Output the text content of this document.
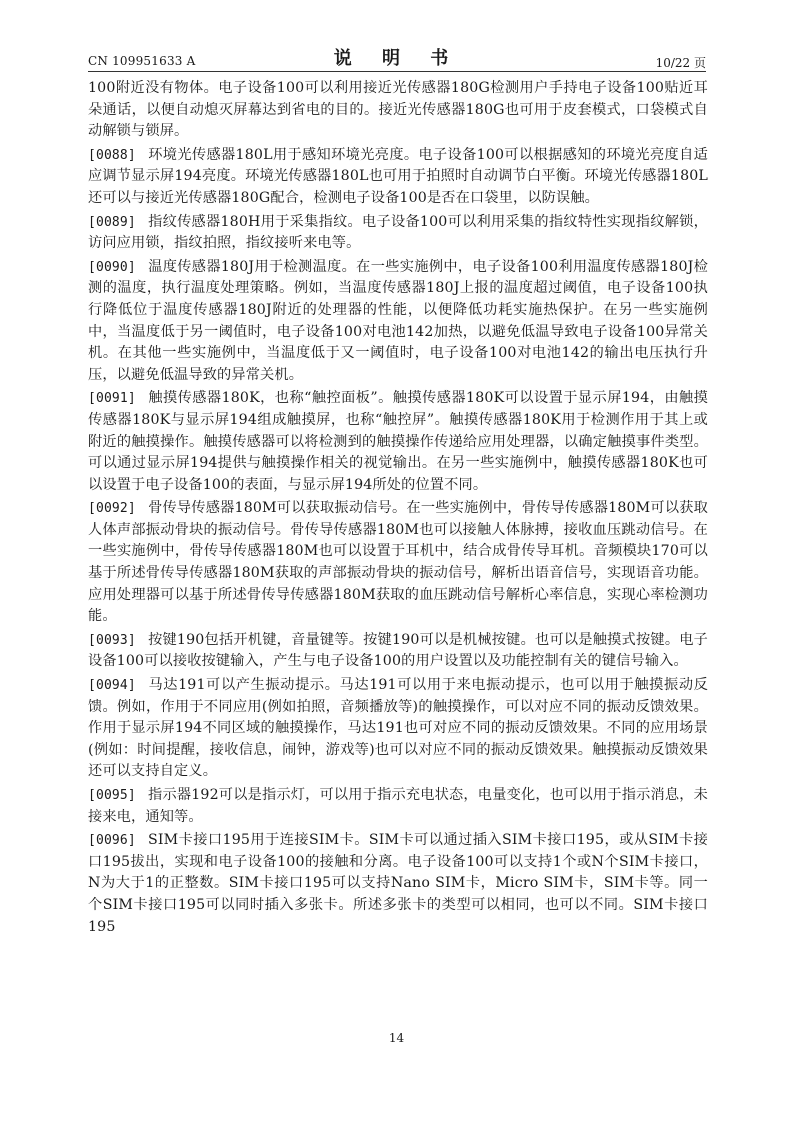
CN 109951633 A	说 明 书	10/22 页

100附近没有物体。电子设备100可以利用接近光传感器180G检测用户手持电子设备100贴近耳朵通话，以便自动熄灭屏幕达到省电的目的。接近光传感器180G也可用于皮套模式，口袋模式自动解锁与锁屏。

[0088] 环境光传感器180L用于感知环境光亮度。电子设备100可以根据感知的环境光亮度自适应调节显示屏194亮度。环境光传感器180L也可用于拍照时自动调节白平衡。环境光传感器180L还可以与接近光传感器180G配合，检测电子设备100是否在口袋里，以防误触。

[0089] 指纹传感器180H用于采集指纹。电子设备100可以利用采集的指纹特性实现指纹解锁，访问应用锁，指纹拍照，指纹接听来电等。

[0090] 温度传感器180J用于检测温度。在一些实施例中，电子设备100利用温度传感器180J检测的温度，执行温度处理策略。例如，当温度传感器180J上报的温度超过阈值，电子设备100执行降低位于温度传感器180J附近的处理器的性能，以便降低功耗实施热保护。在另一些实施例中，当温度低于另一阈值时，电子设备100对电池142加热，以避免低温导致电子设备100异常关机。在其他一些实施例中，当温度低于又一阈值时，电子设备100对电池142的输出电压执行升压，以避免低温导致的异常关机。

[0091] 触摸传感器180K，也称“触控面板”。触摸传感器180K可以设置于显示屏194，由触摸传感器180K与显示屏194组成触摸屏，也称“触控屏”。触摸传感器180K用于检测作用于其上或附近的触摸操作。触摸传感器可以将检测到的触摸操作传递给应用处理器，以确定触摸事件类型。可以通过显示屏194提供与触摸操作相关的视觉输出。在另一些实施例中，触摸传感器180K也可以设置于电子设备100的表面，与显示屏194所处的位置不同。

[0092] 骨传导传感器180M可以获取振动信号。在一些实施例中，骨传导传感器180M可以获取人体声部振动骨块的振动信号。骨传导传感器180M也可以接触人体脉搏，接收血压跳动信号。在一些实施例中，骨传导传感器180M也可以设置于耳机中，结合成骨传导耳机。音频模块170可以基于所述骨传导传感器180M获取的声部振动骨块的振动信号，解析出语音信号，实现语音功能。应用处理器可以基于所述骨传导传感器180M获取的血压跳动信号解析心率信息，实现心率检测功能。

[0093] 按键190包括开机键，音量键等。按键190可以是机械按键。也可以是触摸式按键。电子设备100可以接收按键输入，产生与电子设备100的用户设置以及功能控制有关的键信号输入。

[0094] 马达191可以产生振动提示。马达191可以用于来电振动提示，也可以用于触摸振动反馈。例如，作用于不同应用(例如拍照，音频播放等)的触摸操作，可以对应不同的振动反馈效果。作用于显示屏194不同区域的触摸操作，马达191也可对应不同的振动反馈效果。不同的应用场景(例如：时间提醒，接收信息，闹钟，游戏等)也可以对应不同的振动反馈效果。触摸振动反馈效果还可以支持自定义。

[0095] 指示器192可以是指示灯，可以用于指示充电状态，电量变化，也可以用于指示消息，未接来电，通知等。

[0096] SIM卡接口195用于连接SIM卡。SIM卡可以通过插入SIM卡接口195，或从SIM卡接口195拔出，实现和电子设备100的接触和分离。电子设备100可以支持1个或N个SIM卡接口，N为大于1的正整数。SIM卡接口195可以支持Nano SIM卡，Micro SIM卡，SIM卡等。同一个SIM卡接口195可以同时插入多张卡。所述多张卡的类型可以相同，也可以不同。SIM卡接口195

14
